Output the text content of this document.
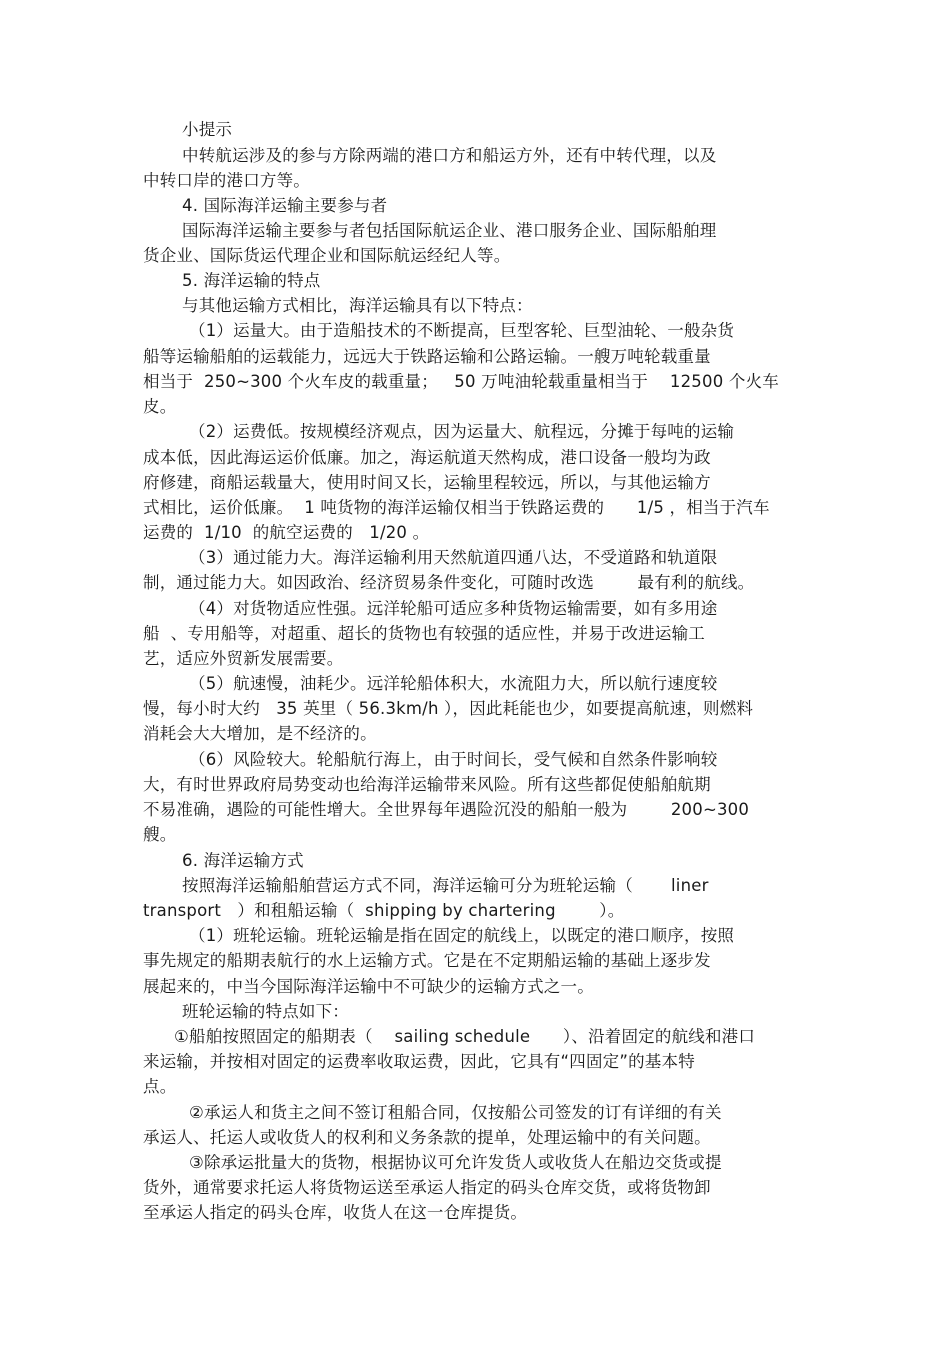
小提示
中转航运涉及的参与方除两端的港口方和船运方外，还有中转代理，以及
中转口岸的港口方等。
4. 国际海洋运输主要参与者
国际海洋运输主要参与者包括国际航运企业、港口服务企业、国际船舶理
货企业、国际货运代理企业和国际航运经纪人等。
5. 海洋运输的特点
与其他运输方式相比，海洋运输具有以下特点：
（1）运量大。由于造船技术的不断提高，巨型客轮、巨型油轮、一般杂货
船等运输船舶的运载能力，远远大于铁路运输和公路运输。一艘万吨轮载重量
相当于  250~300 个火车皮的载重量；   50 万吨油轮载重量相当于    12500 个火车
皮。
（2）运费低。按规模经济观点，因为运量大、航程远，分摊于每吨的运输
成本低，因此海运运价低廉。加之，海运航道天然构成，港口设备一般均为政
府修建，商船运载量大，使用时间又长，运输里程较远，所以，与其他运输方
式相比，运价低廉。  1 吨货物的海洋运输仅相当于铁路运费的      1/5 ，相当于汽车
运费的  1/10  的航空运费的   1/20 。
（3）通过能力大。海洋运输利用天然航道四通八达，不受道路和轨道限
制，通过能力大。如因政治、经济贸易条件变化，可随时改选        最有利的航线。
（4）对货物适应性强。远洋轮船可适应多种货物运输需要，如有多用途
船  、专用船等，对超重、超长的货物也有较强的适应性，并易于改进运输工
艺，适应外贸新发展需要。
（5）航速慢，油耗少。远洋轮船体积大，水流阻力大，所以航行速度较
慢，每小时大约   35 英里（ 56.3km/h ），因此耗能也少，如要提高航速，则燃料
消耗会大大增加，是不经济的。
（6）风险较大。轮船航行海上，由于时间长，受气候和自然条件影响较
大，有时世界政府局势变动也给海洋运输带来风险。所有这些都促使船舶航期
不易准确，遇险的可能性增大。全世界每年遇险沉没的船舶一般为        200~300
艘。
6. 海洋运输方式
按照海洋运输船舶营运方式不同，海洋运输可分为班轮运输（       liner
transport   ）和租船运输（  shipping by chartering        ）。
（1）班轮运输。班轮运输是指在固定的航线上，以既定的港口顺序，按照
事先规定的船期表航行的水上运输方式。它是在不定期船运输的基础上逐步发
展起来的，中当今国际海洋运输中不可缺少的运输方式之一。
班轮运输的特点如下：
①船舶按照固定的船期表（    sailing schedule      ）、沿着固定的航线和港口
来运输，并按相对固定的运费率收取运费，因此，它具有“四固定”的基本特
点。
②承运人和货主之间不签订租船合同，仅按船公司签发的订有详细的有关
承运人、托运人或收货人的权利和义务条款的提单，处理运输中的有关问题。
③除承运批量大的货物，根据协议可允许发货人或收货人在船边交货或提
货外，通常要求托运人将货物运送至承运人指定的码头仓库交货，或将货物卸
至承运人指定的码头仓库，收货人在这一仓库提货。
